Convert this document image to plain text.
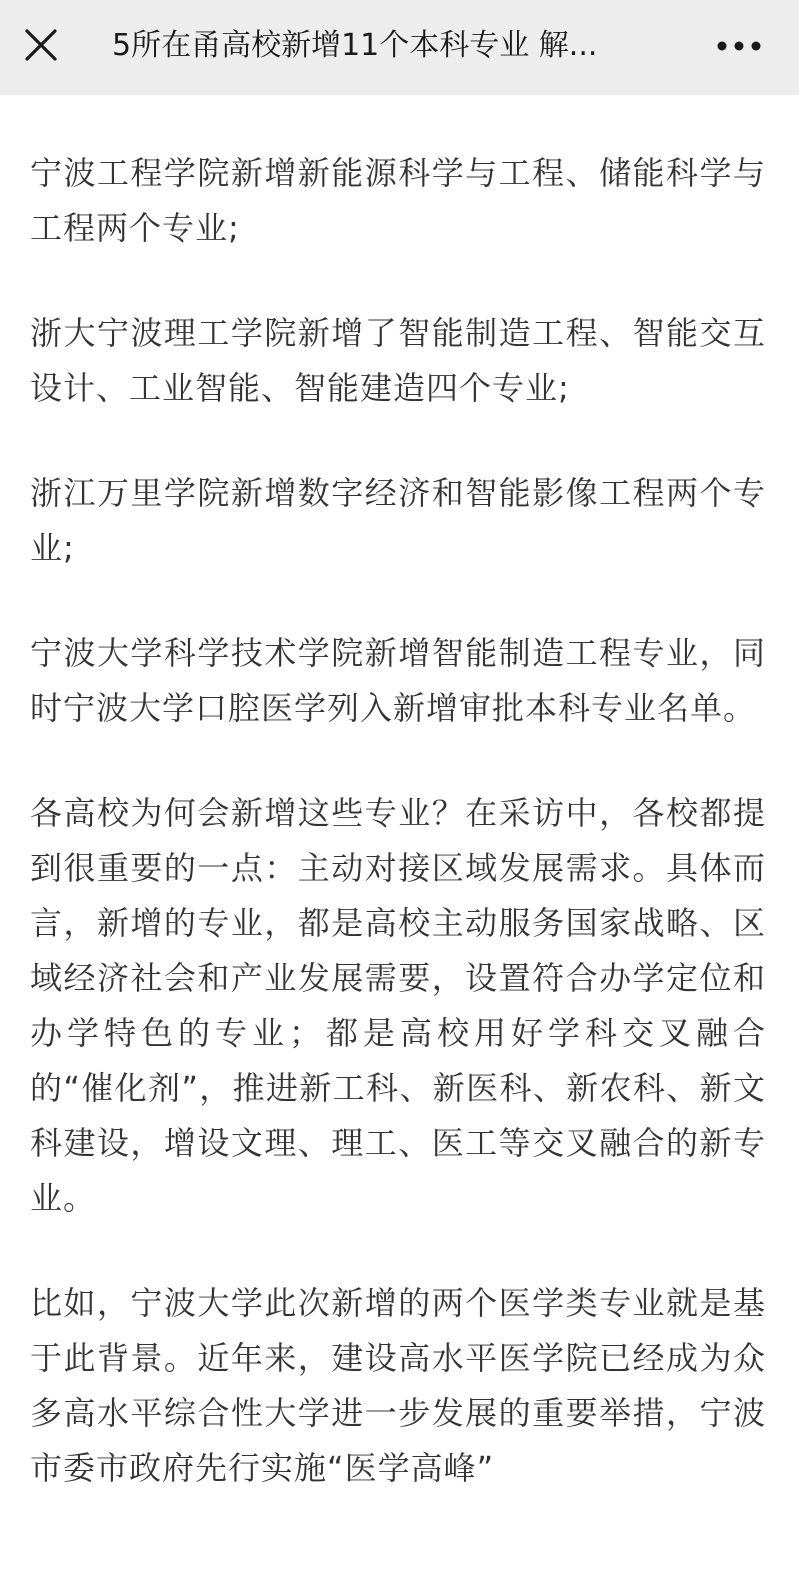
5所在甬高校新增11个本科专业 解...

宁波工程学院新增新能源科学与工程、储能科学与工程两个专业;

浙大宁波理工学院新增了智能制造工程、智能交互设计、工业智能、智能建造四个专业;

浙江万里学院新增数字经济和智能影像工程两个专业;

宁波大学科学技术学院新增智能制造工程专业，同时宁波大学口腔医学列入新增审批本科专业名单。

各高校为何会新增这些专业？在采访中，各校都提到很重要的一点：主动对接区域发展需求。具体而言，新增的专业，都是高校主动服务国家战略、区域经济社会和产业发展需要，设置符合办学定位和办学特色的专业；都是高校用好学科交叉融合的“催化剂”，推进新工科、新医科、新农科、新文科建设，增设文理、理工、医工等交叉融合的新专业。

比如，宁波大学此次新增的两个医学类专业就是基于此背景。近年来，建设高水平医学院已经成为众多高水平综合性大学进一步发展的重要举措，宁波市委市政府先行实施“医学高峰”
